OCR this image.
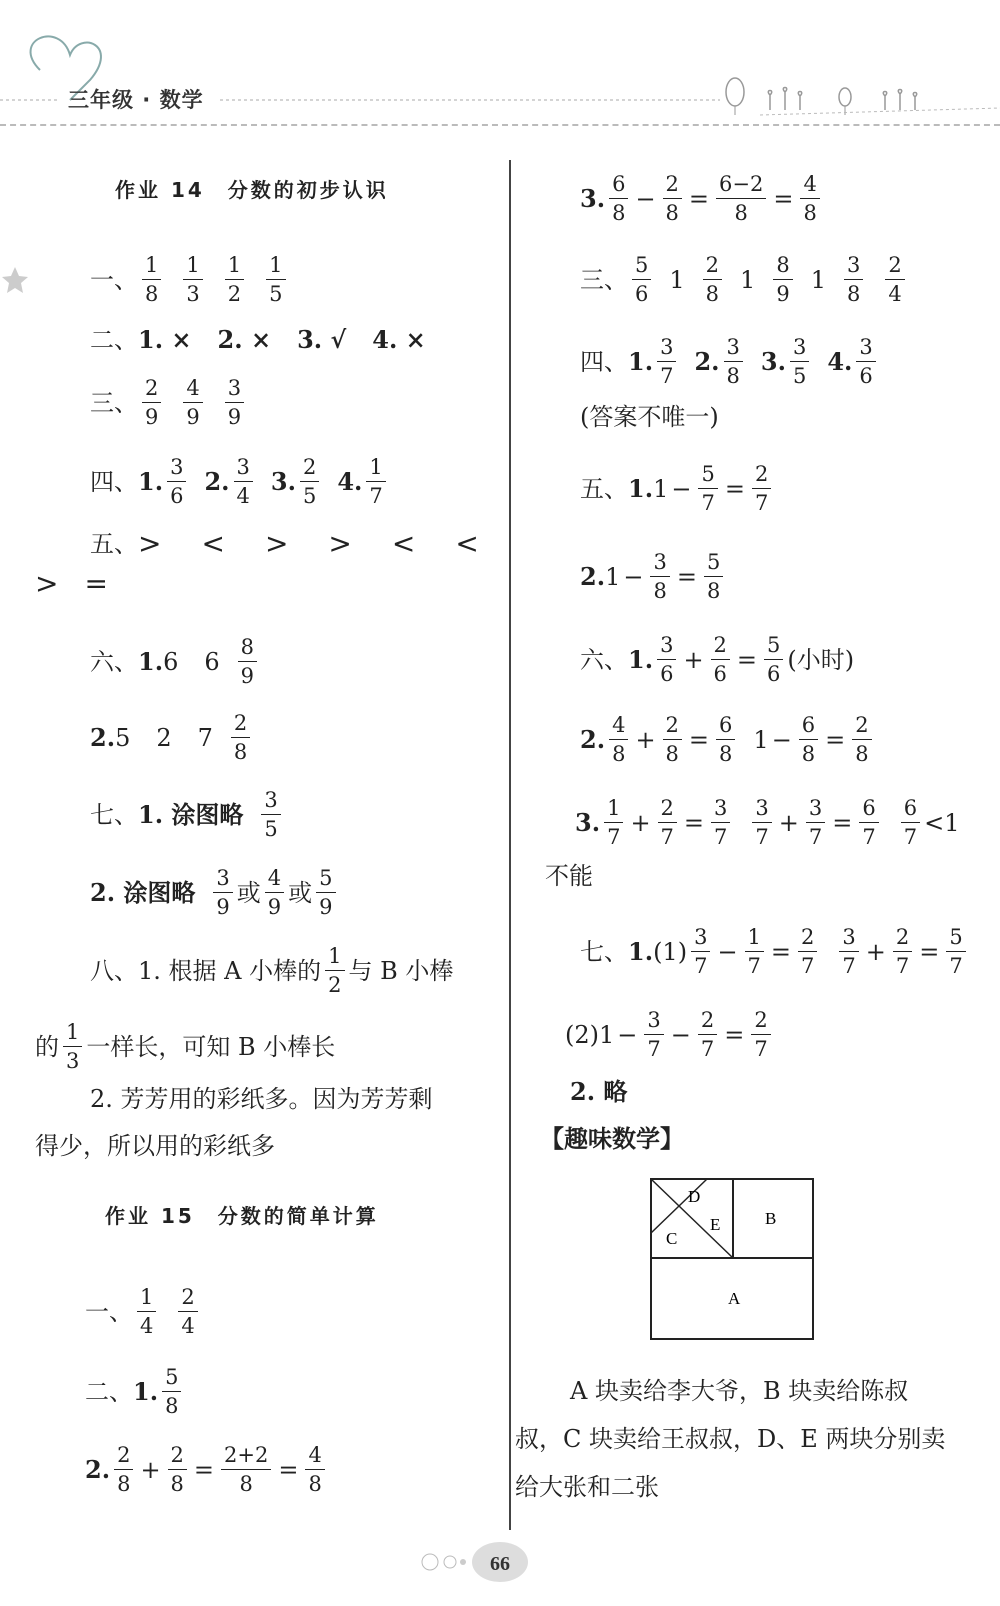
三年级 · 数学
作业 14　分数的初步认识
一、
1
8
1
3
1
2
1
5
二、 1. × 2. × 3. √ 4. ×
三、
2
9
4
9
3
9
四、 1. 3
6
2. 3
4
3. 2
5
4. 1
7
五、 > < > > < <
> =
六、 1. 6 6
8
9
2. 5 2 7
2
8
七、 1. 涂图略 3
5
2. 涂图略 3
9
或
4
9
或
5
9
八、 1. 根据 A 小棒的
1
2
与 B 小棒
的
1
3
一样长，可知 B 小棒长
2. 芳芳用的彩纸多。因为芳芳剩
得少，所以用的彩纸多
作业 15　分数的简单计算
一、
1
4
2
4
二、 1. 5
8
2. 2
8
+ $\frac{2}{8} = \frac{2+2}{8} = \frac{4}{8}$
3. 6
8
− $\frac{2}{8} = \frac{6-2}{8} = \frac{4}{8}$
三、
5
6
1
2
8
1
8
9
1
3
8
2
4
四、 1. 3
7
2. 3
8
3. 3
5
4. 3
6
(答案不唯一)
五、 1. $1 - \frac{5}{7} = \frac{2}{7}$
2. $1 - \frac{3}{8} = \frac{5}{8}$
六、 1. 3
6
+ $\frac{2}{6} = \frac{5}{6}$ (小时)
2. 4
8
+ $\frac{2}{8} = \frac{6}{8} 1 - \frac{6}{8} = \frac{2}{8}$
3. 1
7
+ $\frac{2}{7} = \frac{3}{7} 3$
7
+ $\frac{3}{7} = \frac{6}{7} 6$
7
<1
不能
七、 1. (1)
3
7
− $\frac{1}{7} = \frac{2}{7} 3$
7
+ $\frac{2}{7} = \frac{5}{7}$
(2) $1 - \frac{3}{7} - \frac{2}{7} = \frac{2}{7}$
2. 略
【趣味数学】
D
E	B
C
A
A 块卖给李大爷，B 块卖给陈叔
叔，C 块卖给王叔叔，D、E 两块分别卖
给大张和二张
66
